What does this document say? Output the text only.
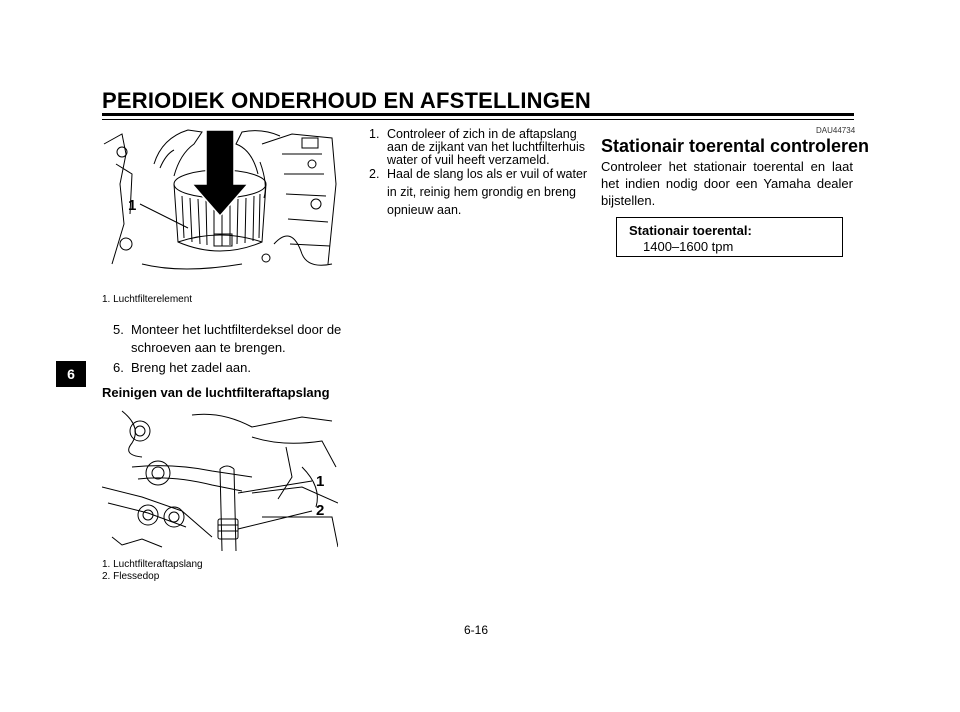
PERIODIEK ONDERHOUD EN AFSTELLINGEN
6
1
1. Luchtfilterelement
5. Monteer het luchtfilterdeksel door de
schroeven aan te brengen.
6. Breng het zadel aan.
Reinigen van de luchtfilteraftapslang
1
2
1. Luchtfilteraftapslang
2. Flessedop
1. Controleer of zich in de aftapslang
aan de zijkant van het luchtfilterhuis
water of vuil heeft verzameld.
2. Haal de slang los als er vuil of water
in zit, reinig hem grondig en breng
opnieuw aan.
DAU44734
Stationair toerental controleren
Controleer het stationair toerental en laat het indien nodig door een Yamaha dealer bijstellen.
Stationair toerental:
1400–1600 tpm
6-16
